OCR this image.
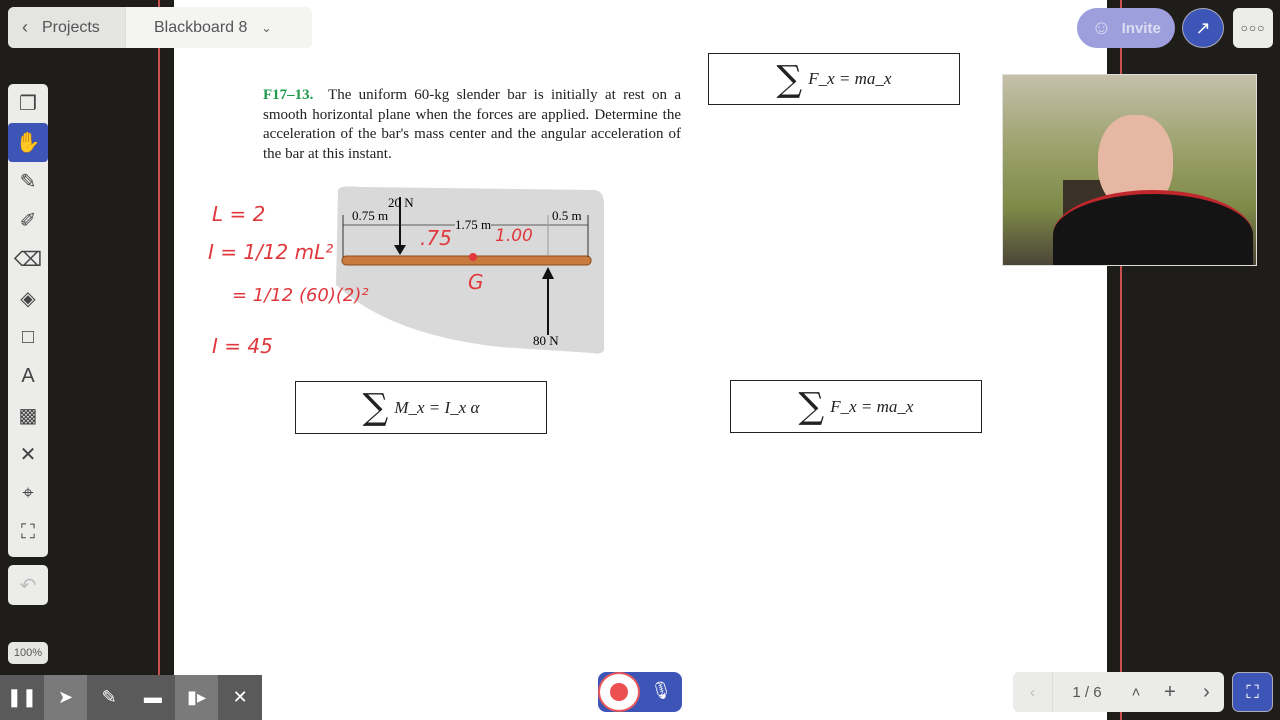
‹ Projects	Blackboard 8 ⌄
❐
✋
✎
✐
⌫
◈
□
A
▩
✕
⌖
⛶
↶
100%
❚❚	➤	✎	▬	▮▸	✕
F17–13. The uniform 60-kg slender bar is initially at rest on a smooth horizontal plane when the forces are applied. Determine the acceleration of the bar's mass center and the angular acceleration of the bar at this instant.
20 N
80 N
0.75 m
1.75 m
0.5 m
L = 2
I = 1/12 mL²
= 1/12 (60)(2)²
I = 45
.75	1.00
G
∑ F_x = ma_x
∑ M_x = I_x α	∑ F_x = ma_x
☺ Invite ↗	○○○
🎙	‹	1 / 6	˄	+	›	⛶
